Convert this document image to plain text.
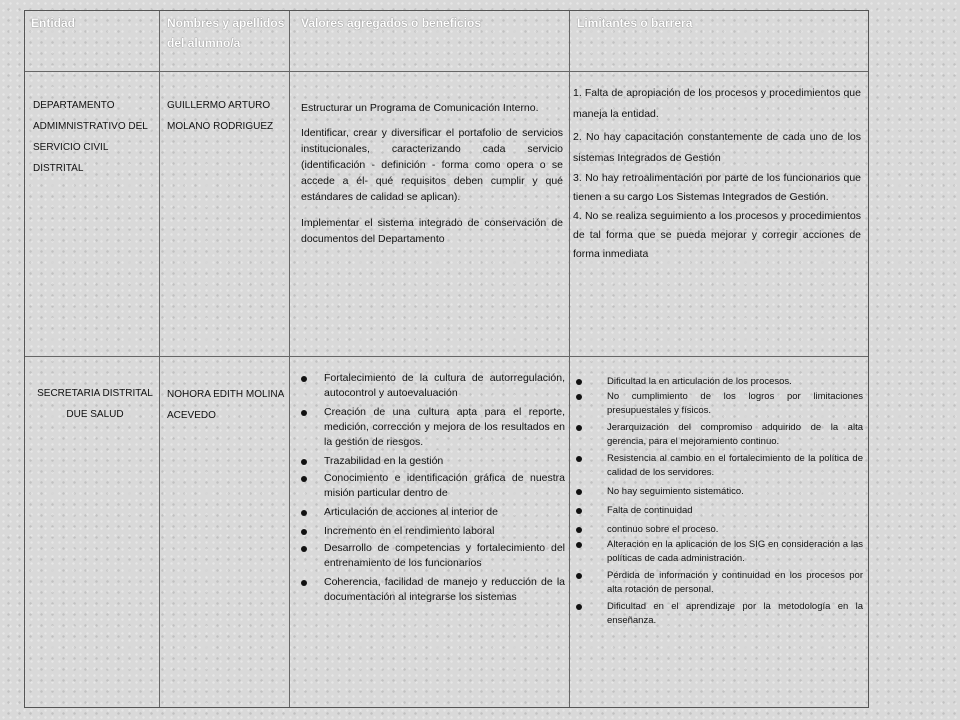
Entidad	Nombres y apellidos del alumno/a
Valores agregados o beneficios	Limitantes o barrera
DEPARTAMENTO ADMIMNISTRATIVO DEL SERVICIO CIVIL DISTRITAL
GUILLERMO ARTURO MOLANO RODRIGUEZ

Estructurar un Programa de Comunicación Interno.

Identificar, crear y diversificar el portafolio de servicios institucionales, caracterizando cada servicio (identificación - definición - forma como opera o se accede a él- qué requisitos deben cumplir y qué estándares de calidad se aplican).

Implementar el sistema integrado de conservación de documentos del Departamento

1. Falta de apropiación de los procesos y procedimientos que maneja la entidad.

2. No hay capacitación constantemente de cada uno de los sistemas Integrados de Gestión

3. No hay retroalimentación por parte de los funcionarios que tienen a su cargo Los Sistemas Integrados de Gestión.

4. No se realiza seguimiento a los procesos y procedimientos de tal forma que se pueda mejorar y corregir acciones de forma inmediata

SECRETARIA DISTRITAL DUE SALUD
NOHORA EDITH MOLINA ACEVEDO
Fortalecimiento de la cultura de autorregulación, autocontrol y autoevaluación
Creación de una cultura apta para el reporte, medición, corrección y mejora de los resultados en la gestión de riesgos.
Trazabilidad en la gestión
Conocimiento e identificación gráfica de nuestra misión particular dentro de
Articulación de acciones al interior de
Incremento en el rendimiento laboral
Desarrollo de competencias y fortalecimiento del entrenamiento de los funcionarios
Coherencia, facilidad de manejo y reducción de la documentación al integrarse los sistemas
Dificultad la en articulación de los procesos.
No cumplimiento de los logros por limitaciones presupuestales y físicos.
Jerarquización del compromiso adquirido de la alta gerencia, para el mejoramiento continuo.
Resistencia al cambio en el fortalecimiento de la política de calidad de los servidores.
No hay seguimiento sistemático.
Falta de continuidad
continuo sobre el proceso.
Alteración en la aplicación de los SIG en consideración a las políticas de cada administración.
Pérdida de información y continuidad en los procesos por alta rotación de personal.
Dificultad en el aprendizaje por la metodología en la enseñanza.
